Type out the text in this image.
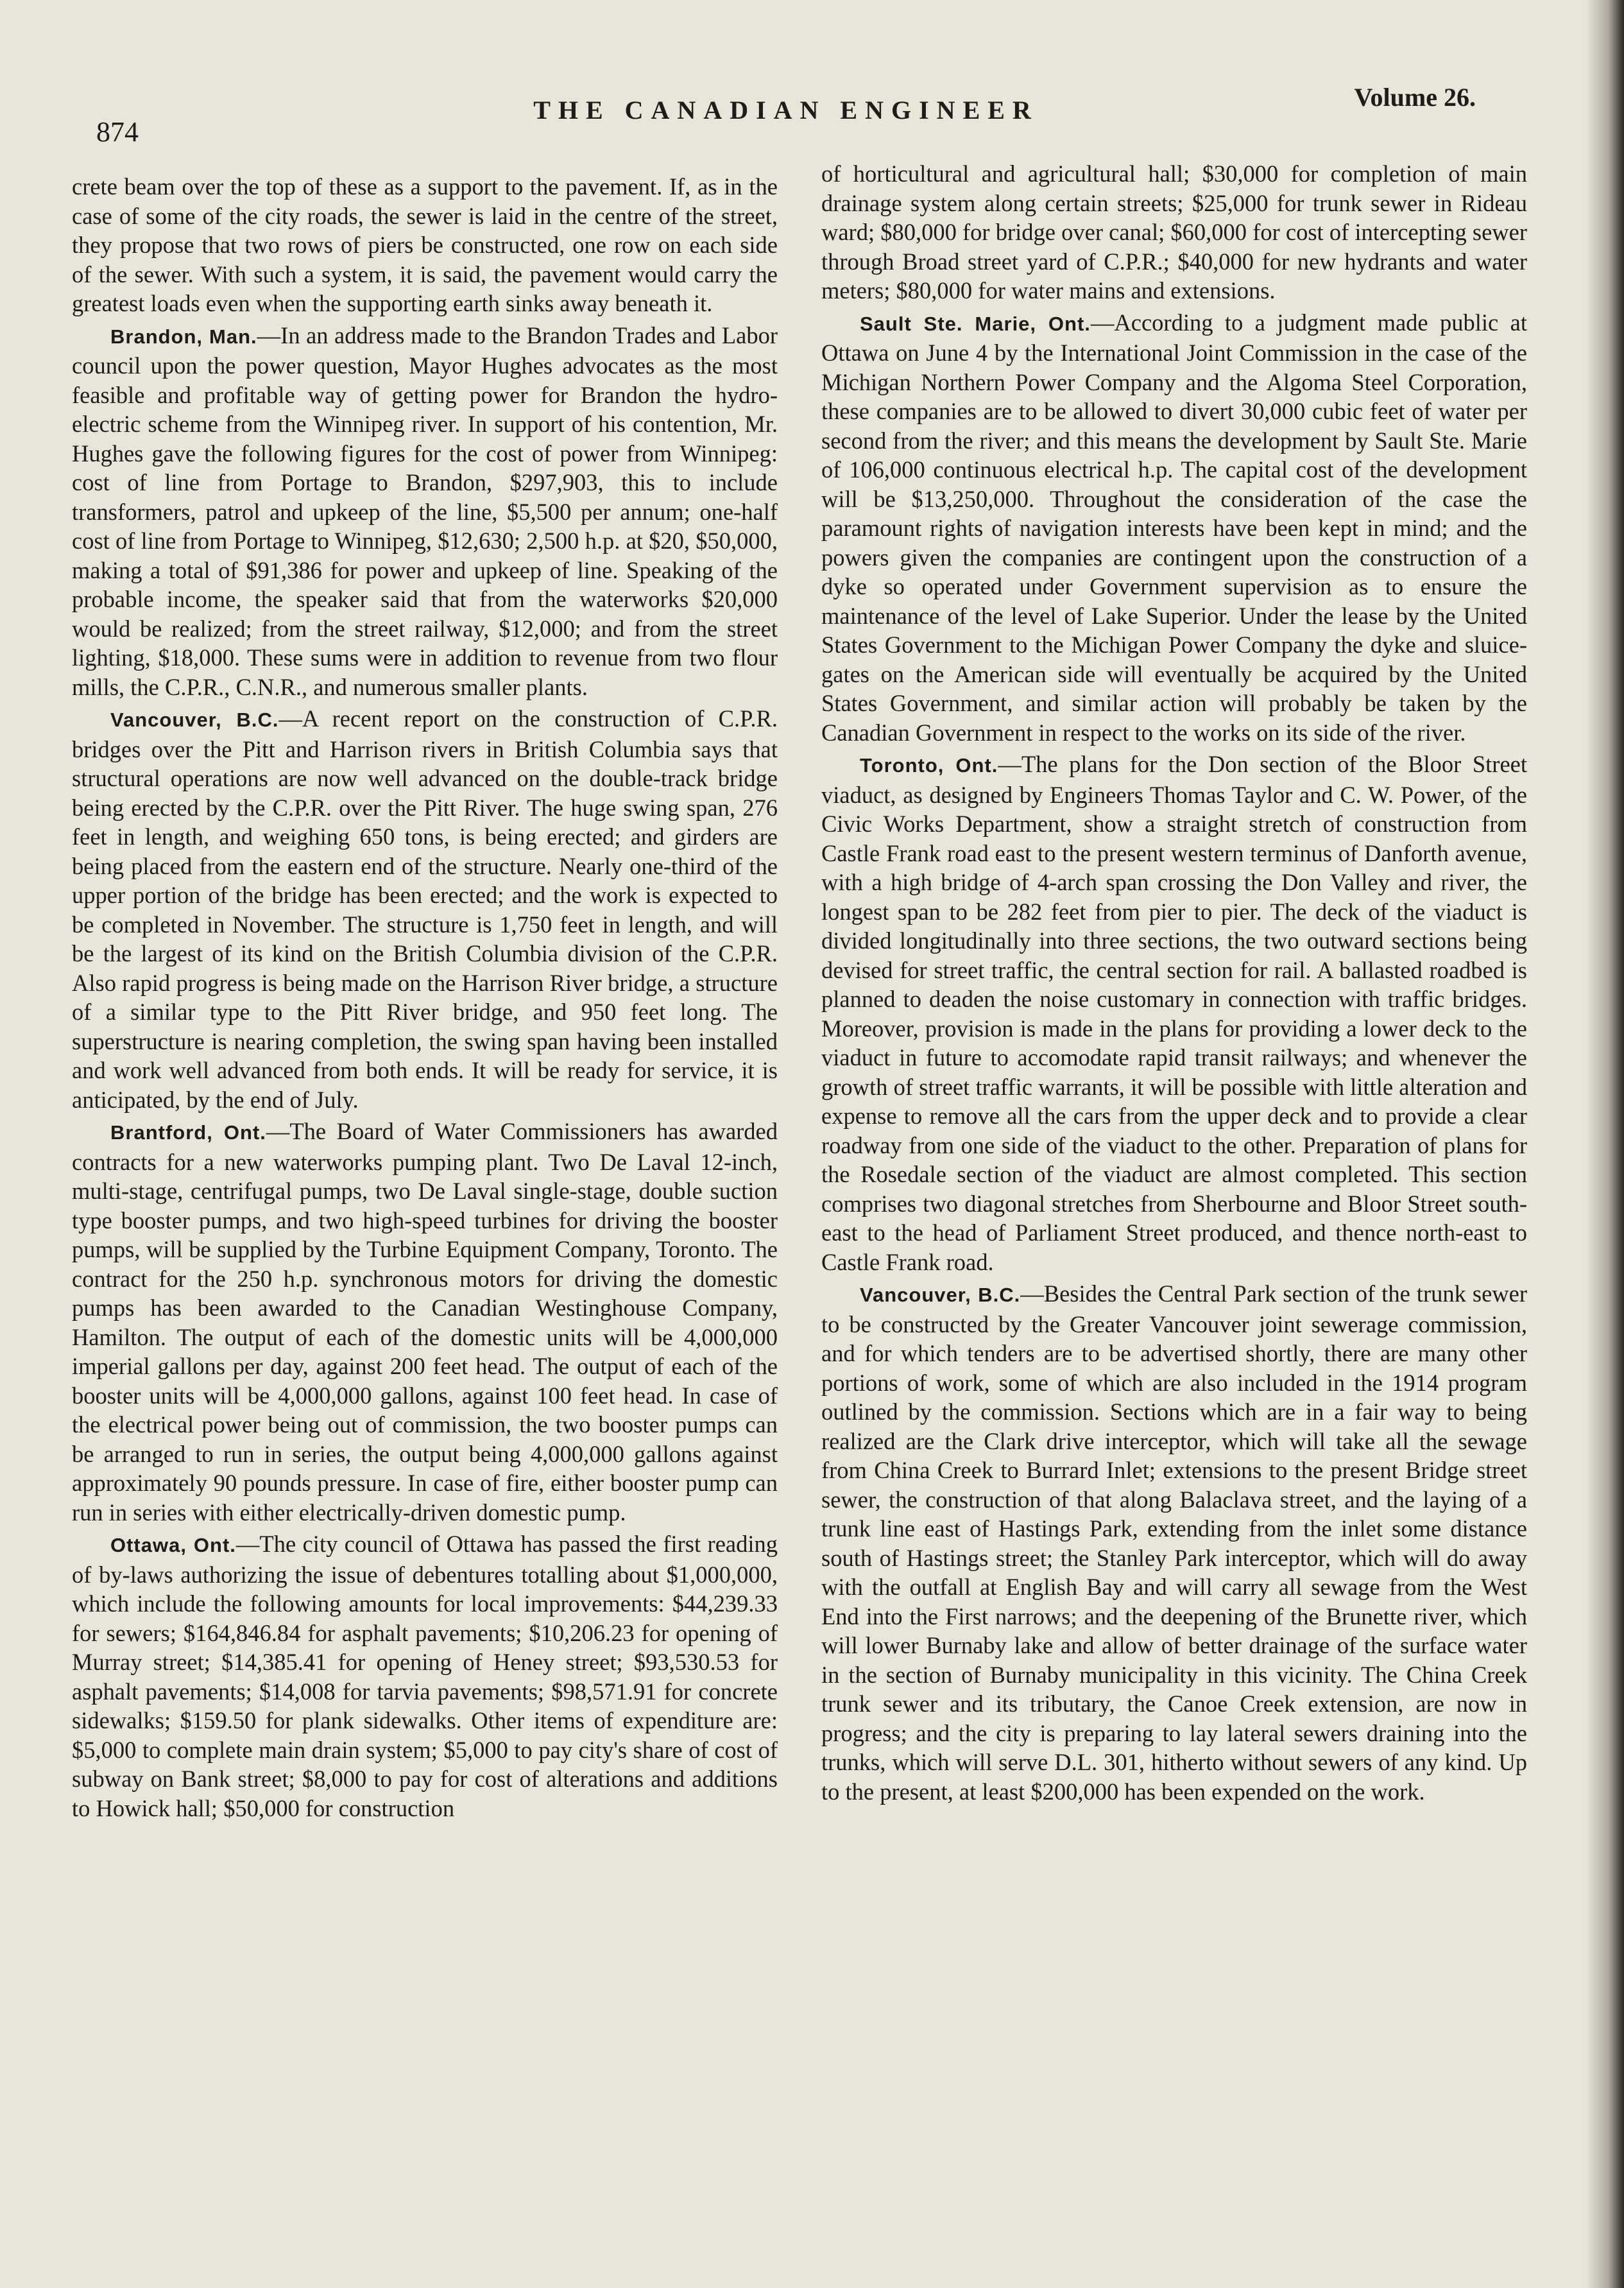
874
THE CANADIAN ENGINEER	Volume 26.

crete beam over the top of these as a support to the pavement. If, as in the case of some of the city roads, the sewer is laid in the centre of the street, they propose that two rows of piers be constructed, one row on each side of the sewer. With such a system, it is said, the pavement would carry the greatest loads even when the supporting earth sinks away beneath it.

Brandon, Man.—In an address made to the Brandon Trades and Labor council upon the power question, Mayor Hughes advocates as the most feasible and profitable way of getting power for Brandon the hydro-electric scheme from the Winnipeg river. In support of his contention, Mr. Hughes gave the following figures for the cost of power from Winnipeg: cost of line from Portage to Brandon, $297,903, this to include transformers, patrol and upkeep of the line, $5,500 per annum; one-half cost of line from Portage to Winnipeg, $12,630; 2,500 h.p. at $20, $50,000, making a total of $91,386 for power and upkeep of line. Speaking of the probable income, the speaker said that from the waterworks $20,000 would be realized; from the street railway, $12,000; and from the street lighting, $18,000. These sums were in addition to revenue from two flour mills, the C.P.R., C.N.R., and numerous smaller plants.

Vancouver, B.C.—A recent report on the construction of C.P.R. bridges over the Pitt and Harrison rivers in British Columbia says that structural operations are now well advanced on the double-track bridge being erected by the C.P.R. over the Pitt River. The huge swing span, 276 feet in length, and weighing 650 tons, is being erected; and girders are being placed from the eastern end of the structure. Nearly one-third of the upper portion of the bridge has been erected; and the work is expected to be completed in November. The structure is 1,750 feet in length, and will be the largest of its kind on the British Columbia division of the C.P.R. Also rapid progress is being made on the Harrison River bridge, a structure of a similar type to the Pitt River bridge, and 950 feet long. The superstructure is nearing completion, the swing span having been installed and work well advanced from both ends. It will be ready for service, it is anticipated, by the end of July.

Brantford, Ont.—The Board of Water Commissioners has awarded contracts for a new waterworks pumping plant. Two De Laval 12-inch, multi-stage, centrifugal pumps, two De Laval single-stage, double suction type booster pumps, and two high-speed turbines for driving the booster pumps, will be supplied by the Turbine Equipment Company, Toronto. The contract for the 250 h.p. synchronous motors for driving the domestic pumps has been awarded to the Canadian Westinghouse Company, Hamilton. The output of each of the domestic units will be 4,000,000 imperial gallons per day, against 200 feet head. The output of each of the booster units will be 4,000,000 gallons, against 100 feet head. In case of the electrical power being out of commission, the two booster pumps can be arranged to run in series, the output being 4,000,000 gallons against approximately 90 pounds pressure. In case of fire, either booster pump can run in series with either electrically-driven domestic pump.

Ottawa, Ont.—The city council of Ottawa has passed the first reading of by-laws authorizing the issue of debentures totalling about $1,000,000, which include the following amounts for local improvements: $44,239.33 for sewers; $164,846.84 for asphalt pavements; $10,206.23 for opening of Murray street; $14,385.41 for opening of Heney street; $93,530.53 for asphalt pavements; $14,008 for tarvia pavements; $98,571.91 for concrete sidewalks; $159.50 for plank sidewalks. Other items of expenditure are: $5,000 to complete main drain system; $5,000 to pay city's share of cost of subway on Bank street; $8,000 to pay for cost of alterations and additions to Howick hall; $50,000 for construction

of horticultural and agricultural hall; $30,000 for completion of main drainage system along certain streets; $25,000 for trunk sewer in Rideau ward; $80,000 for bridge over canal; $60,000 for cost of intercepting sewer through Broad street yard of C.P.R.; $40,000 for new hydrants and water meters; $80,000 for water mains and extensions.

Sault Ste. Marie, Ont.—According to a judgment made public at Ottawa on June 4 by the International Joint Commission in the case of the Michigan Northern Power Company and the Algoma Steel Corporation, these companies are to be allowed to divert 30,000 cubic feet of water per second from the river; and this means the development by Sault Ste. Marie of 106,000 continuous electrical h.p. The capital cost of the development will be $13,250,000. Throughout the consideration of the case the paramount rights of navigation interests have been kept in mind; and the powers given the companies are contingent upon the construction of a dyke so operated under Government supervision as to ensure the maintenance of the level of Lake Superior. Under the lease by the United States Government to the Michigan Power Company the dyke and sluice-gates on the American side will eventually be acquired by the United States Government, and similar action will probably be taken by the Canadian Government in respect to the works on its side of the river.

Toronto, Ont.—The plans for the Don section of the Bloor Street viaduct, as designed by Engineers Thomas Taylor and C. W. Power, of the Civic Works Department, show a straight stretch of construction from Castle Frank road east to the present western terminus of Danforth avenue, with a high bridge of 4-arch span crossing the Don Valley and river, the longest span to be 282 feet from pier to pier. The deck of the viaduct is divided longitudinally into three sections, the two outward sections being devised for street traffic, the central section for rail. A ballasted roadbed is planned to deaden the noise customary in connection with traffic bridges. Moreover, provision is made in the plans for providing a lower deck to the viaduct in future to accomodate rapid transit railways; and whenever the growth of street traffic warrants, it will be possible with little alteration and expense to remove all the cars from the upper deck and to provide a clear roadway from one side of the viaduct to the other. Preparation of plans for the Rosedale section of the viaduct are almost completed. This section comprises two diagonal stretches from Sherbourne and Bloor Street south-east to the head of Parliament Street produced, and thence north-east to Castle Frank road.

Vancouver, B.C.—Besides the Central Park section of the trunk sewer to be constructed by the Greater Vancouver joint sewerage commission, and for which tenders are to be advertised shortly, there are many other portions of work, some of which are also included in the 1914 program outlined by the commission. Sections which are in a fair way to being realized are the Clark drive interceptor, which will take all the sewage from China Creek to Burrard Inlet; extensions to the present Bridge street sewer, the construction of that along Balaclava street, and the laying of a trunk line east of Hastings Park, extending from the inlet some distance south of Hastings street; the Stanley Park interceptor, which will do away with the outfall at English Bay and will carry all sewage from the West End into the First narrows; and the deepening of the Brunette river, which will lower Burnaby lake and allow of better drainage of the surface water in the section of Burnaby municipality in this vicinity. The China Creek trunk sewer and its tributary, the Canoe Creek extension, are now in progress; and the city is preparing to lay lateral sewers draining into the trunks, which will serve D.L. 301, hitherto without sewers of any kind. Up to the present, at least $200,000 has been expended on the work.
